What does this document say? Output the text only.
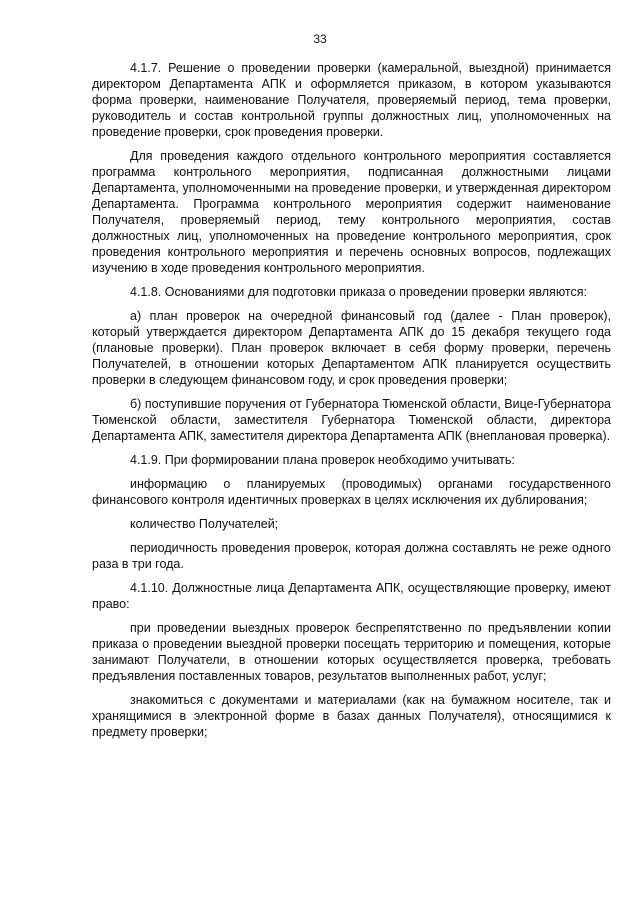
33

4.1.7. Решение о проведении проверки (камеральной, выездной) принимается директором Департамента АПК и оформляется приказом, в котором указываются форма проверки, наименование Получателя, проверяемый период, тема проверки, руководитель и состав контрольной группы должностных лиц, уполномоченных на проведение проверки, срок проведения проверки.

Для проведения каждого отдельного контрольного мероприятия составляется программа контрольного мероприятия, подписанная должностными лицами Департамента, уполномоченными на проведение проверки, и утвержденная директором Департамента. Программа контрольного мероприятия содержит наименование Получателя, проверяемый период, тему контрольного мероприятия, состав должностных лиц, уполномоченных на проведение контрольного мероприятия, срок проведения контрольного мероприятия и перечень основных вопросов, подлежащих изучению в ходе проведения контрольного мероприятия.

4.1.8. Основаниями для подготовки приказа о проведении проверки являются:

а) план проверок на очередной финансовый год (далее - План проверок), который утверждается директором Департамента АПК до 15 декабря текущего года (плановые проверки). План проверок включает в себя форму проверки, перечень Получателей, в отношении которых Департаментом АПК планируется осуществить проверки в следующем финансовом году, и срок проведения проверки;

б) поступившие поручения от Губернатора Тюменской области, Вице-Губернатора Тюменской области, заместителя Губернатора Тюменской области, директора Департамента АПК, заместителя директора Департамента АПК (внеплановая проверка).

4.1.9. При формировании плана проверок необходимо учитывать:

информацию о планируемых (проводимых) органами государственного финансового контроля идентичных проверках в целях исключения их дублирования;

количество Получателей;

периодичность проведения проверок, которая должна составлять не реже одного раза в три года.

4.1.10. Должностные лица Департамента АПК, осуществляющие проверку, имеют право:

при проведении выездных проверок беспрепятственно по предъявлении копии приказа о проведении выездной проверки посещать территорию и помещения, которые занимают Получатели, в отношении которых осуществляется проверка, требовать предъявления поставленных товаров, результатов выполненных работ, услуг;

знакомиться с документами и материалами (как на бумажном носителе, так и хранящимися в электронной форме в базах данных Получателя), относящимися к предмету проверки;
